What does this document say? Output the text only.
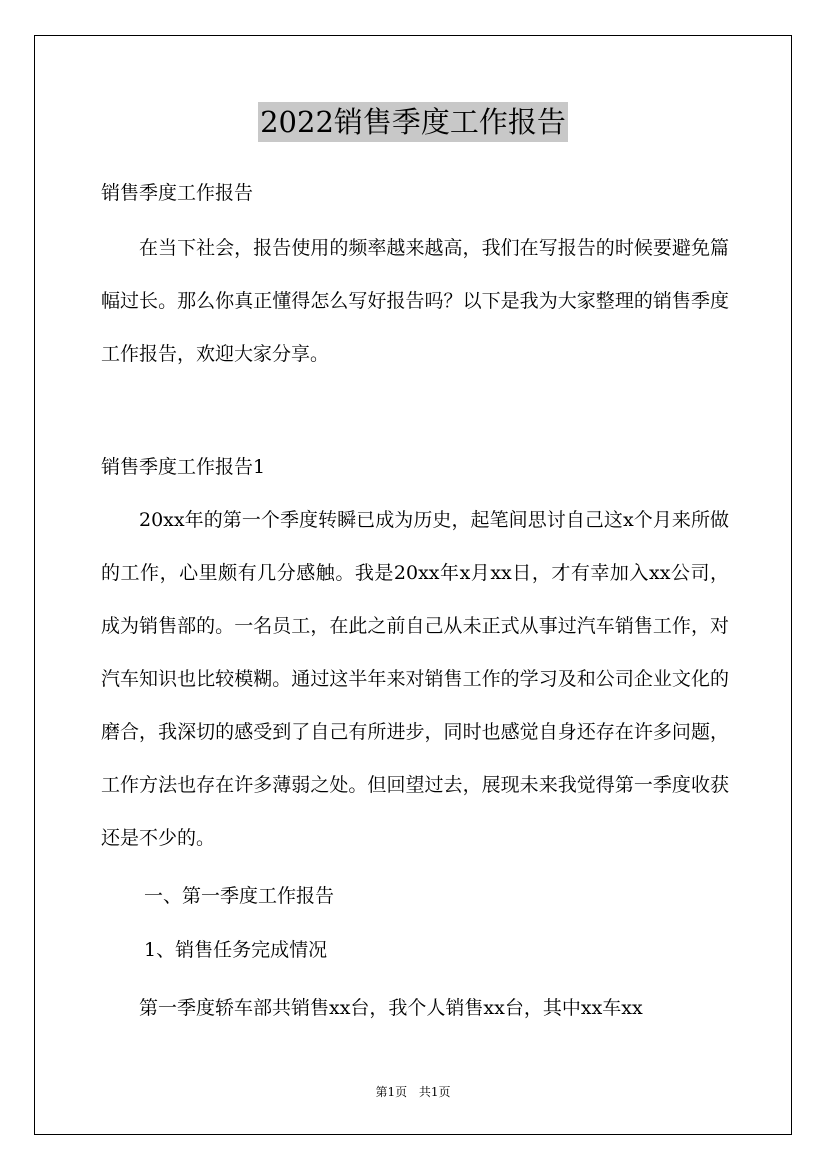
2022销售季度工作报告
销售季度工作报告

在当下社会，报告使用的频率越来越高，我们在写报告的时候要避免篇幅过长。那么你真正懂得怎么写好报告吗？以下是我为大家整理的销售季度工作报告，欢迎大家分享。

销售季度工作报告1

20xx年的第一个季度转瞬已成为历史，起笔间思讨自己这x个月来所做的工作，心里颇有几分感触。我是20xx年x月xx日，才有幸加入xx公司，成为销售部的。一名员工，在此之前自己从未正式从事过汽车销售工作，对汽车知识也比较模糊。通过这半年来对销售工作的学习及和公司企业文化的磨合，我深切的感受到了自己有所进步，同时也感觉自身还存在许多问题，工作方法也存在许多薄弱之处。但回望过去，展现未来我觉得第一季度收获还是不少的。

一、第一季度工作报告
1、销售任务完成情况

第一季度轿车部共销售xx台，我个人销售xx台，其中xx车xx

第1页 共1页
